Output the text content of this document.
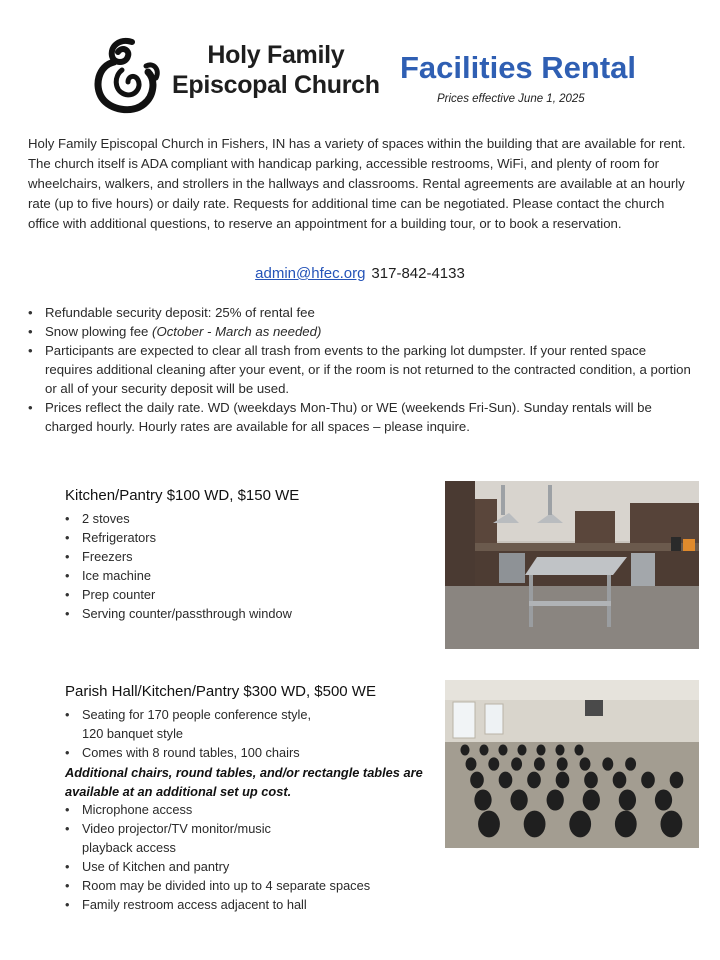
Holy Family
Episcopal Church Facilities Rental
Prices effective June 1, 2025
Holy Family Episcopal Church in Fishers, IN has a variety of spaces within the building that are available for rent. The church itself is ADA compliant with handicap parking, accessible restrooms, WiFi, and plenty of room for wheelchairs, walkers, and strollers in the hallways and classrooms. Rental agreements are available at an hourly rate (up to five hours) or daily rate. Requests for additional time can be negotiated. Please contact the church office with additional questions, to reserve an appointment for a building tour, or to book a reservation.
admin@hfec.org 317-842-4133
• Refundable security deposit: 25% of rental fee
• Snow plowing fee (October - March as needed)
• Participants are expected to clear all trash from events to the parking lot dumpster. If your rented space requires additional cleaning after your event, or if the room is not returned to the contracted condition, a portion or all of your security deposit will be used.
• Prices reflect the daily rate. WD (weekdays Mon-Thu) or WE (weekends Fri-Sun). Sunday rentals will be charged hourly. Hourly rates are available for all spaces – please inquire.
Kitchen/Pantry $100 WD, $150 WE
• 2 stoves
• Refrigerators
• Freezers
• Ice machine
• Prep counter
• Serving counter/passthrough window
Parish Hall/Kitchen/Pantry $300 WD, $500 WE
• Seating for 170 people conference style,
120 banquet style
• Comes with 8 round tables, 100 chairs
Additional chairs, round tables, and/or rectangle tables are available at an additional set up cost.
• Microphone access
• Video projector/TV monitor/music
playback access
• Use of Kitchen and pantry
• Room may be divided into up to 4 separate spaces
• Family restroom access adjacent to hall
